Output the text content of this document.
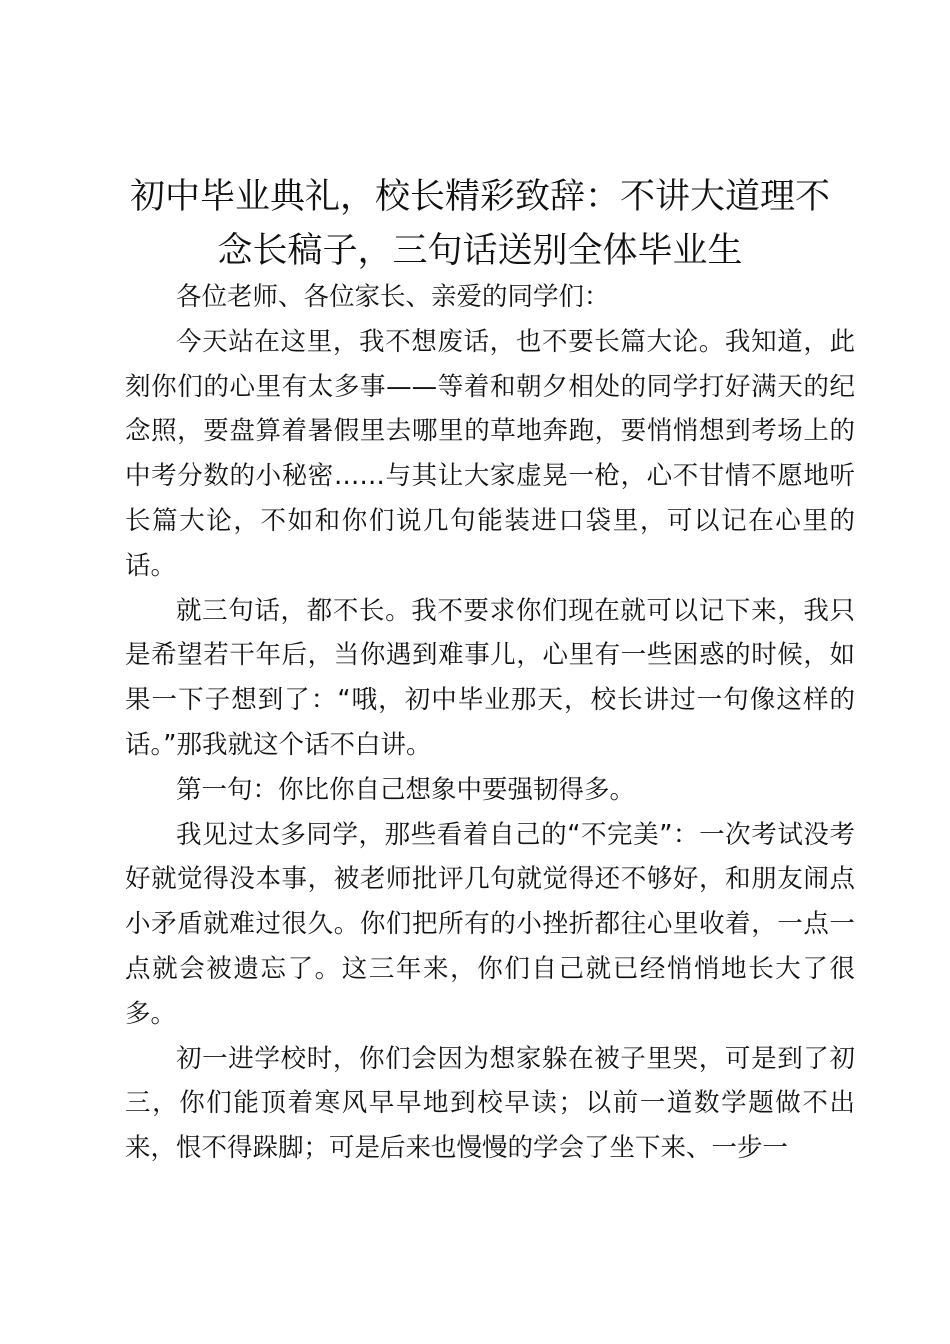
初中毕业典礼，校长精彩致辞：不讲大道理不
念长稿子，三句话送别全体毕业生

各位老师、各位家长、亲爱的同学们：

今天站在这里，我不想废话，也不要长篇大论。我知道，此刻你们的心里有太多事——等着和朝夕相处的同学打好满天的纪念照，要盘算着暑假里去哪里的草地奔跑，要悄悄想到考场上的中考分数的小秘密……与其让大家虚晃一枪，心不甘情不愿地听长篇大论，不如和你们说几句能装进口袋里，可以记在心里的话。

就三句话，都不长。我不要求你们现在就可以记下来，我只是希望若干年后，当你遇到难事儿，心里有一些困惑的时候，如果一下子想到了：“哦，初中毕业那天，校长讲过一句像这样的话。”那我就这个话不白讲。

第一句：你比你自己想象中要强韧得多。

我见过太多同学，那些看着自己的“不完美”：一次考试没考好就觉得没本事，被老师批评几句就觉得还不够好，和朋友闹点小矛盾就难过很久。你们把所有的小挫折都往心里收着，一点一点就会被遗忘了。这三年来，你们自己就已经悄悄地长大了很多。

初一进学校时，你们会因为想家躲在被子里哭，可是到了初三，你们能顶着寒风早早地到校早读；以前一道数学题做不出来，恨不得跺脚；可是后来也慢慢的学会了坐下来、一步一
